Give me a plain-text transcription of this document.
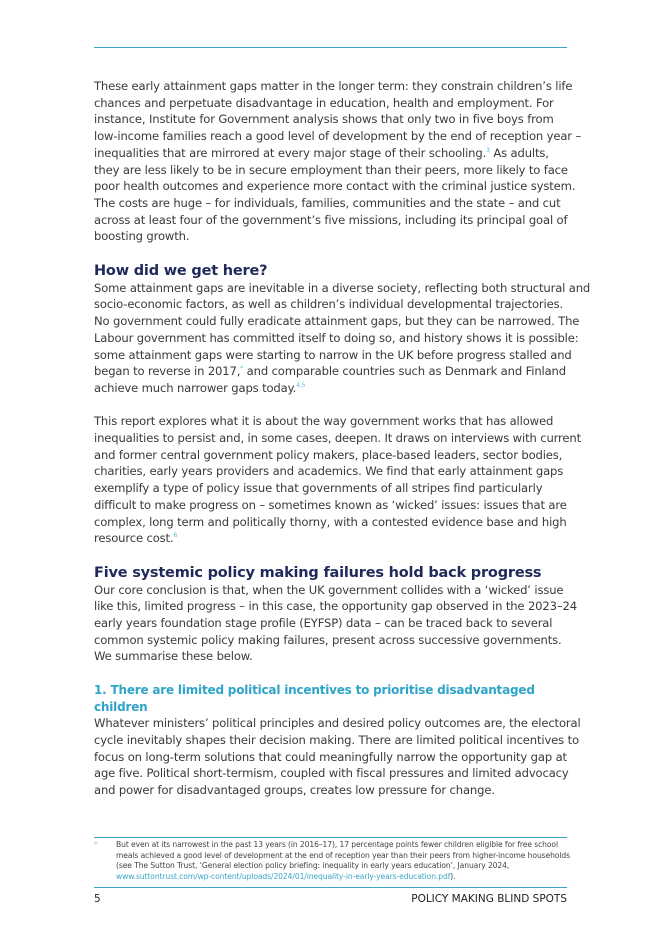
These early attainment gaps matter in the longer term: they constrain children’s life
chances and perpetuate disadvantage in education, health and employment. For
instance, Institute for Government analysis shows that only two in five boys from
low-income families reach a good level of development by the end of reception year –
inequalities that are mirrored at every major stage of their schooling.$^3$ As adults,
they are less likely to be in secure employment than their peers, more likely to face
poor health outcomes and experience more contact with the criminal justice system.
The costs are huge – for individuals, families, communities and the state – and cut
across at least four of the government’s five missions, including its principal goal of
boosting growth.

How did we get here?

Some attainment gaps are inevitable in a diverse society, reflecting both structural and
socio-economic factors, as well as children’s individual developmental trajectories.
No government could fully eradicate attainment gaps, but they can be narrowed. The
Labour government has committed itself to doing so, and history shows it is possible:
some attainment gaps were starting to narrow in the UK before progress stalled and
began to reverse in 2017,* and comparable countries such as Denmark and Finland
achieve much narrower gaps today.$^{4,5}$

This report explores what it is about the way government works that has allowed
inequalities to persist and, in some cases, deepen. It draws on interviews with current
and former central government policy makers, place-based leaders, sector bodies,
charities, early years providers and academics. We find that early attainment gaps
exemplify a type of policy issue that governments of all stripes find particularly
difficult to make progress on – sometimes known as ‘wicked’ issues: issues that are
complex, long term and politically thorny, with a contested evidence base and high
resource cost.$^6$

Five systemic policy making failures hold back progress

Our core conclusion is that, when the UK government collides with a ‘wicked’ issue
like this, limited progress – in this case, the opportunity gap observed in the 2023–24
early years foundation stage profile (EYFSP) data – can be traced back to several
common systemic policy making failures, present across successive governments.
We summarise these below.

1. There are limited political incentives to prioritise disadvantaged children

Whatever ministers’ political principles and desired policy outcomes are, the electoral
cycle inevitably shapes their decision making. There are limited political incentives to
focus on long-term solutions that could meaningfully narrow the opportunity gap at
age five. Political short-termism, coupled with fiscal pressures and limited advocacy
and power for disadvantaged groups, creates low pressure for change.

* But even at its narrowest in the past 13 years (in 2016–17), 17 percentage points fewer children eligible for free school meals achieved a good level of development at the end of reception year than their peers from higher-income households (see The Sutton Trust, ‘General election policy briefing: inequality in early years education’, January 2024, www.suttontrust.com/wp-content/uploads/2024/01/inequality-in-early-years-education.pdf).
5	POLICY MAKING BLIND SPOTS
